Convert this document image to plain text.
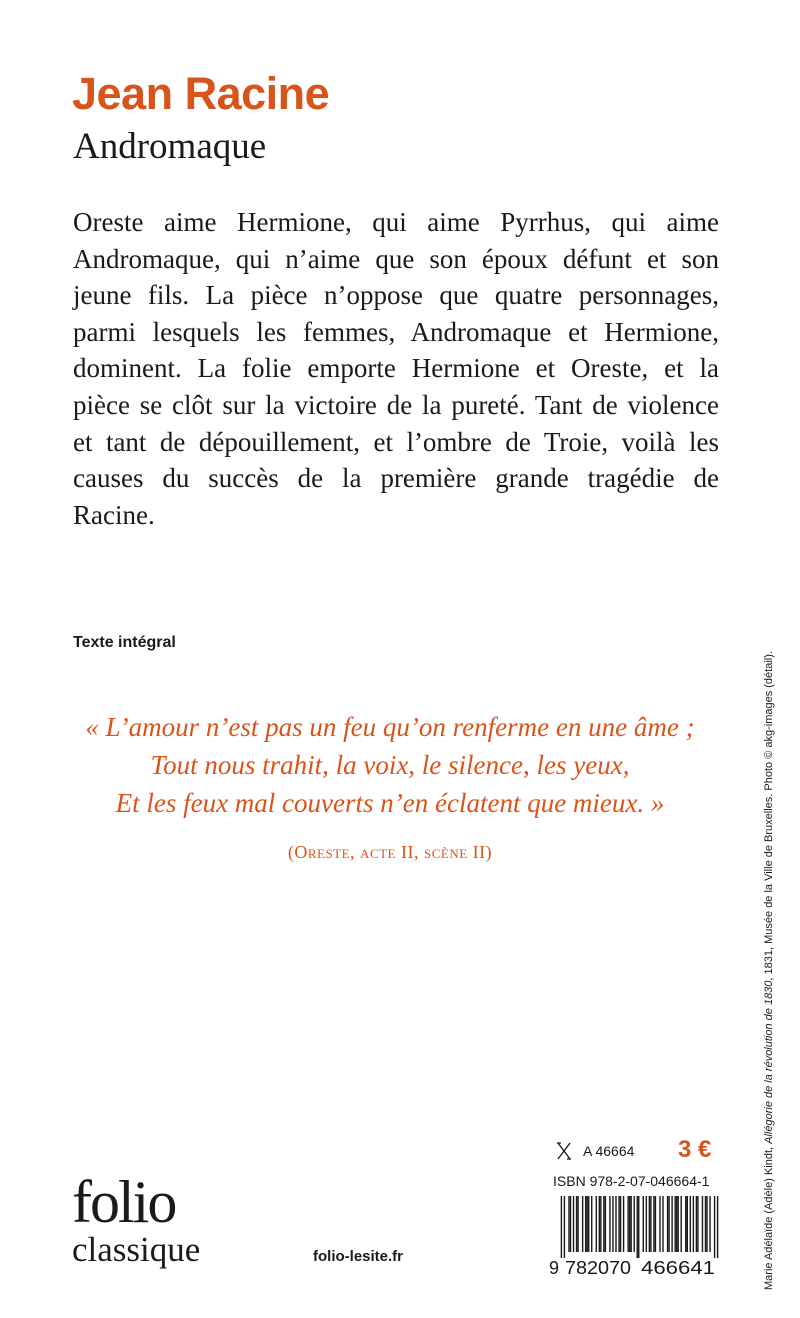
Jean Racine
Andromaque
Oreste aime Hermione, qui aime Pyrrhus, qui aime
Andromaque, qui n’aime que son époux défunt et son
jeune fils. La pièce n’oppose que quatre personnages,
parmi lesquels les femmes, Andromaque et Hermione,
dominent. La folie emporte Hermione et Oreste, et la
pièce se clôt sur la victoire de la pureté. Tant de violence
et tant de dépouillement, et l’ombre de Troie, voilà les
causes du succès de la première grande tragédie de
Racine.
Texte intégral
« L’amour n’est pas un feu qu’on renferme en une âme ;
Tout nous trahit, la voix, le silence, les yeux,
Et les feux mal couverts n’en éclatent que mieux. »
(Oreste, acte II, scène II)
Marie Adélaïde (Adèle) Kindt, Allégorie de la révolution de 1830, 1831, Musée de la Ville de Bruxelles. Photo © akg-images (détail).
folio
classique	folio-lesite.fr
A 46664 3 €
ISBN 978-2-07-046664-1
9 782070 466641
